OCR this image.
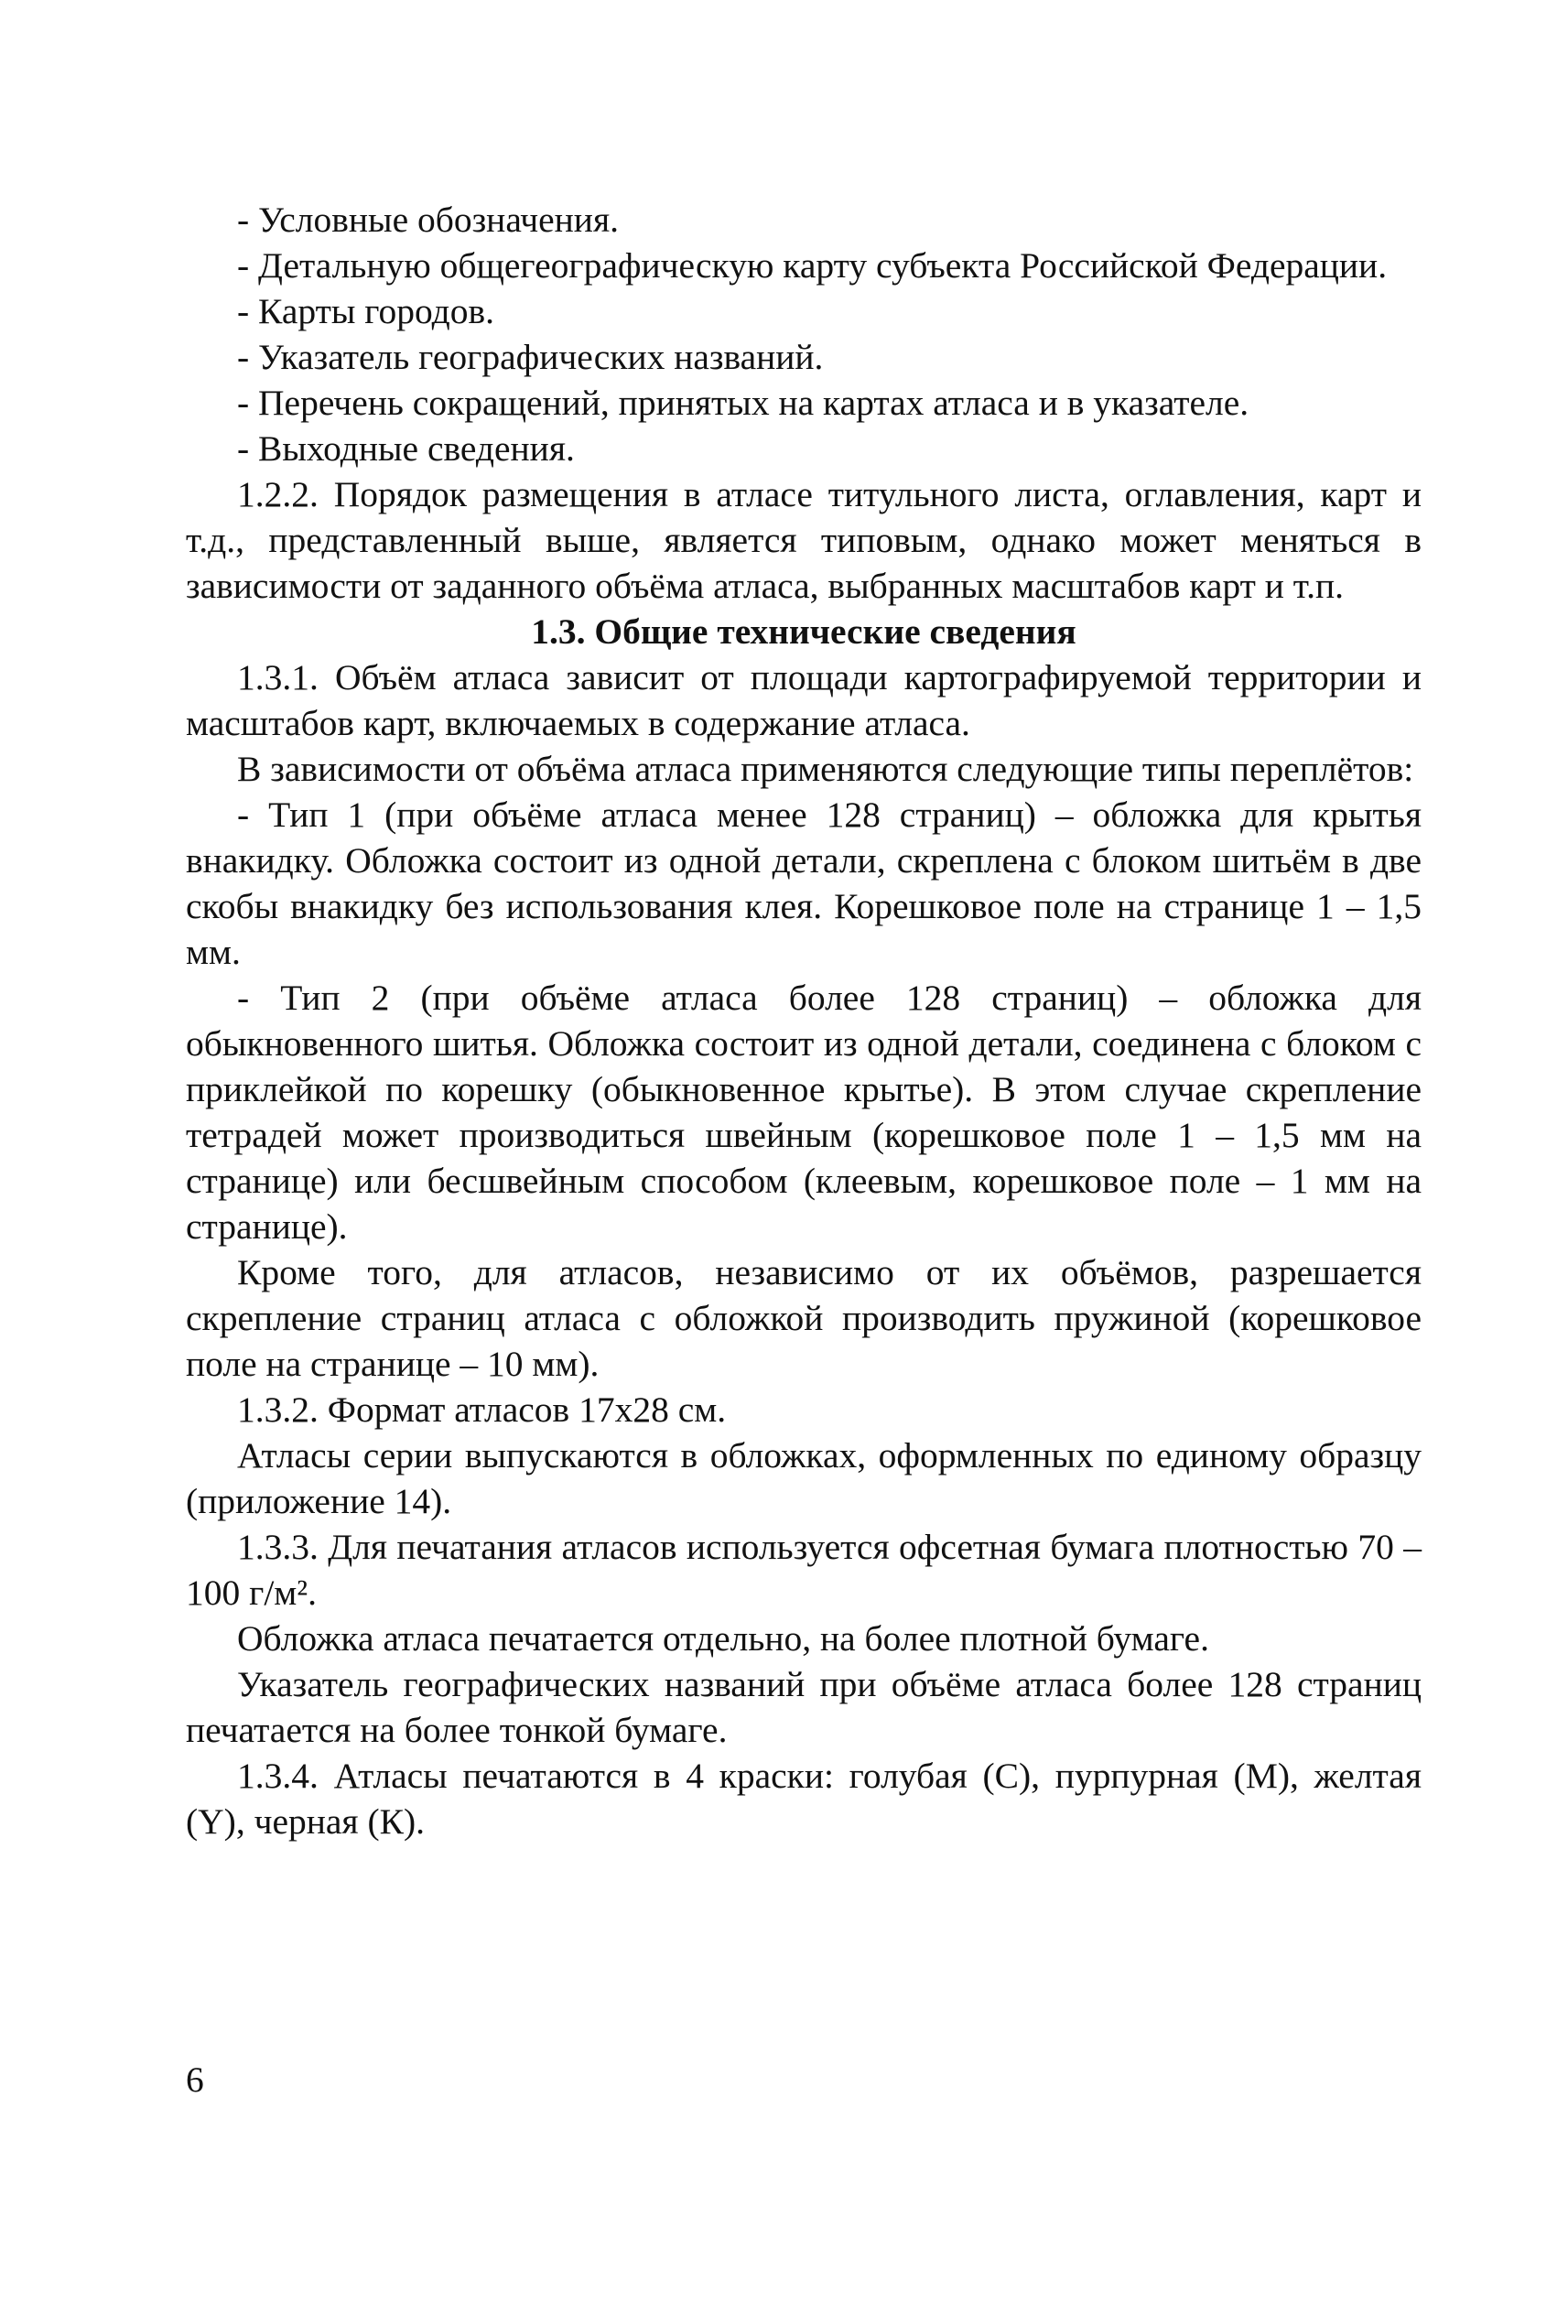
- Условные обозначения.

- Детальную общегеографическую карту субъекта Российской Федерации.

- Карты городов.

- Указатель географических названий.

- Перечень сокращений, принятых на картах атласа и в указателе.

- Выходные сведения.

1.2.2. Порядок размещения в атласе титульного листа, оглавления, карт и т.д., представленный выше, является типовым, однако может меняться в зависимости от заданного объёма атласа, выбранных масштабов карт и т.п.

1.3. Общие технические сведения

1.3.1. Объём атласа зависит от площади картографируемой территории и масштабов карт, включаемых в содержание атласа.

В зависимости от объёма атласа применяются следующие типы переплётов:

- Тип 1 (при объёме атласа менее 128 страниц) – обложка для крытья внакидку. Обложка состоит из одной детали, скреплена с блоком шитьём в две скобы внакидку без использования клея. Корешковое поле на странице 1 – 1,5 мм.

- Тип 2 (при объёме атласа более 128 страниц) – обложка для обыкновенного шитья. Обложка состоит из одной детали, соединена с блоком с приклейкой по корешку (обыкновенное крытье). В этом случае скрепление тетрадей может производиться швейным (корешковое поле 1 – 1,5 мм на странице) или бесшвейным способом (клеевым, корешковое поле – 1 мм на странице).

Кроме того, для атласов, независимо от их объёмов, разрешается скрепление страниц атласа с обложкой производить пружиной (корешковое поле на странице – 10 мм).

1.3.2. Формат атласов 17х28 см.

Атласы серии выпускаются в обложках, оформленных по единому образцу (приложение 14).

1.3.3. Для печатания атласов используется офсетная бумага плотностью 70 – 100 г/м².

Обложка атласа печатается отдельно, на более плотной бумаге.

Указатель географических названий при объёме атласа более 128 страниц печатается на более тонкой бумаге.

1.3.4. Атласы печатаются в 4 краски: голубая (С), пурпурная (М), желтая (Y), черная (К).

6
